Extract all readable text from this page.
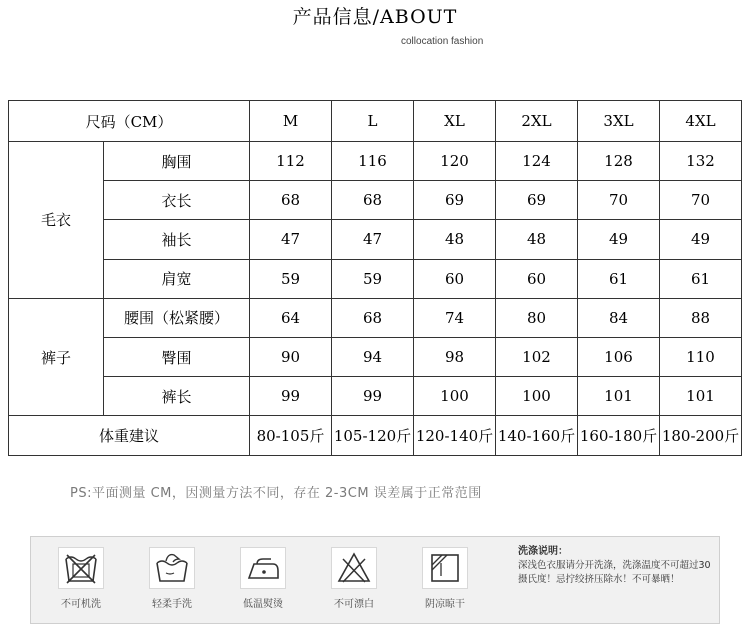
产品信息/ABOUT
collocation fashion
尺码（CM）		M	L	XL	2XL	3XL	4XL
毛衣	胸围	112	116	120	124	128	132
	衣长	68	68	69	69	70	70
	袖长	47	47	48	48	49	49
	肩宽	59	59	60	60	61	61
裤子	腰围（松紧腰）	64	68	74	80	84	88
	臀围	90	94	98	102	106	110
	裤长	99	99	100	100	101	101
体重建议		80-105斤	105-120斤	120-140斤	140-160斤	160-180斤	180-200斤
PS:平面测量 CM，因测量方法不同，存在 2-3CM 误差属于正常范围
不可机洗	轻柔手洗	低温熨烫	不可漂白	阴凉晾干
洗涤说明：
深浅色衣服请分开洗涤，洗涤温度不可超过30摄氏度！忌拧绞挤压除水！不可暴晒！
